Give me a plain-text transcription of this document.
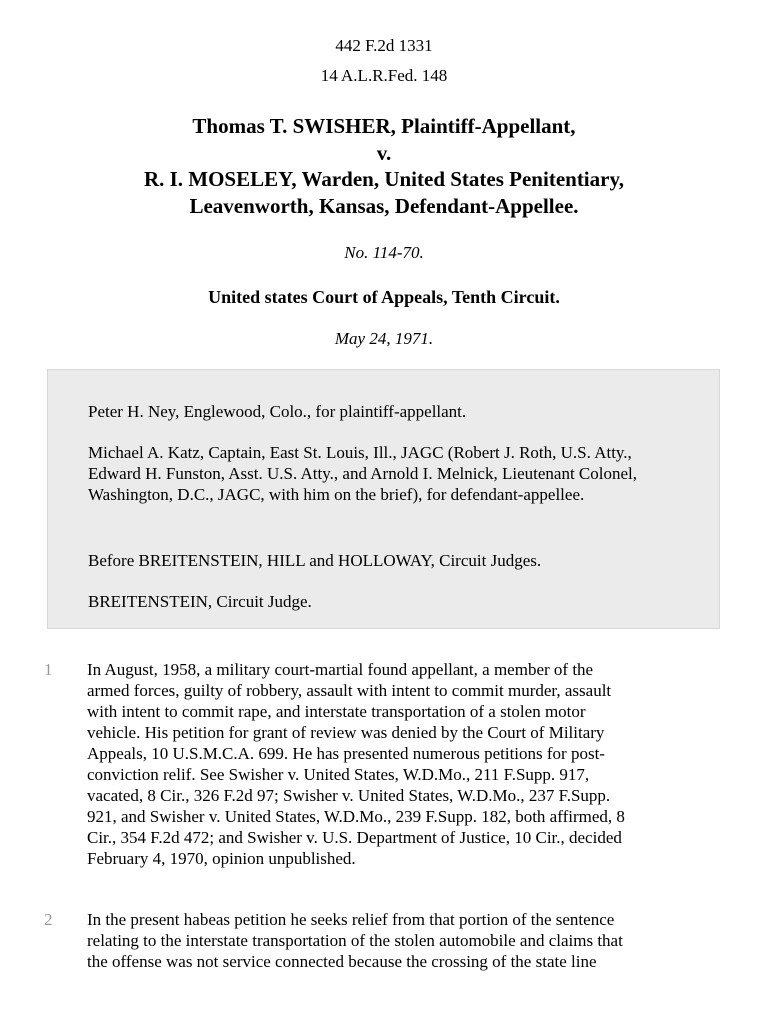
442 F.2d 1331
14 A.L.R.Fed. 148
Thomas T. SWISHER, Plaintiff-Appellant,
v.
R. I. MOSELEY, Warden, United States Penitentiary,
Leavenworth, Kansas, Defendant-Appellee.
No. 114-70.
United states Court of Appeals, Tenth Circuit.
May 24, 1971.
Peter H. Ney, Englewood, Colo., for plaintiff-appellant.
Michael A. Katz, Captain, East St. Louis, Ill., JAGC (Robert J. Roth, U.S. Atty., Edward H. Funston, Asst. U.S. Atty., and Arnold I. Melnick, Lieutenant Colonel, Washington, D.C., JAGC, with him on the brief), for defendant-appellee.
Before BREITENSTEIN, HILL and HOLLOWAY, Circuit Judges.
BREITENSTEIN, Circuit Judge.
1 In August, 1958, a military court-martial found appellant, a member of the
armed forces, guilty of robbery, assault with intent to commit murder, assault
with intent to commit rape, and interstate transportation of a stolen motor
vehicle. His petition for grant of review was denied by the Court of Military
Appeals, 10 U.S.M.C.A. 699. He has presented numerous petitions for post-
conviction relif. See Swisher v. United States, W.D.Mo., 211 F.Supp. 917,
vacated, 8 Cir., 326 F.2d 97; Swisher v. United States, W.D.Mo., 237 F.Supp.
921, and Swisher v. United States, W.D.Mo., 239 F.Supp. 182, both affirmed, 8
Cir., 354 F.2d 472; and Swisher v. U.S. Department of Justice, 10 Cir., decided
February 4, 1970, opinion unpublished.
2 In the present habeas petition he seeks relief from that portion of the sentence
relating to the interstate transportation of the stolen automobile and claims that
the offense was not service connected because the crossing of the state line
